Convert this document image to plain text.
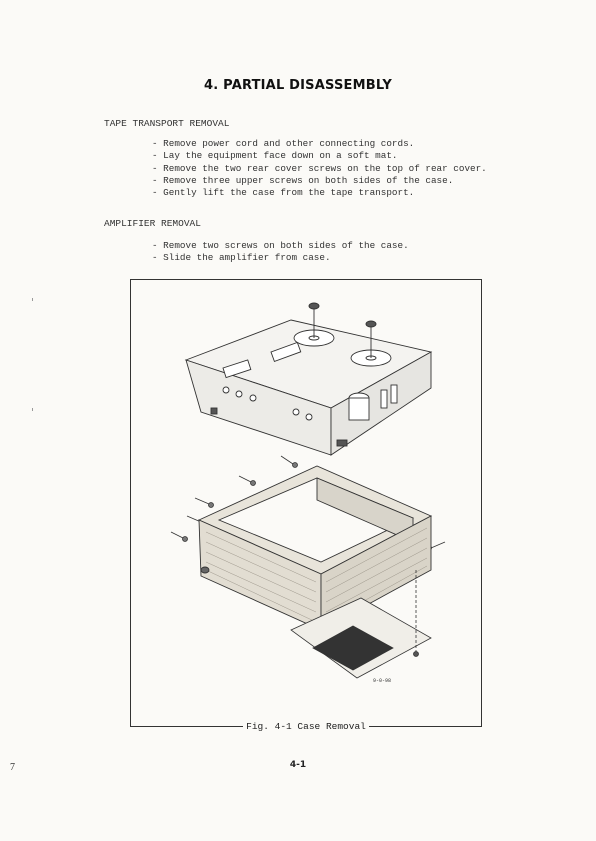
4. PARTIAL DISASSEMBLY
TAPE TRANSPORT REMOVAL
- Remove power cord and other connecting cords.
- Lay the equipment face down on a soft mat.
- Remove the two rear cover screws on the top of rear cover.
- Remove three upper screws on both sides of the case.
- Gently lift the case from the tape transport.
AMPLIFIER REMOVAL
- Remove two screws on both sides of the case.
- Slide the amplifier from case.
9-0-98
Fig. 4-1 Case Removal
7	4-1
